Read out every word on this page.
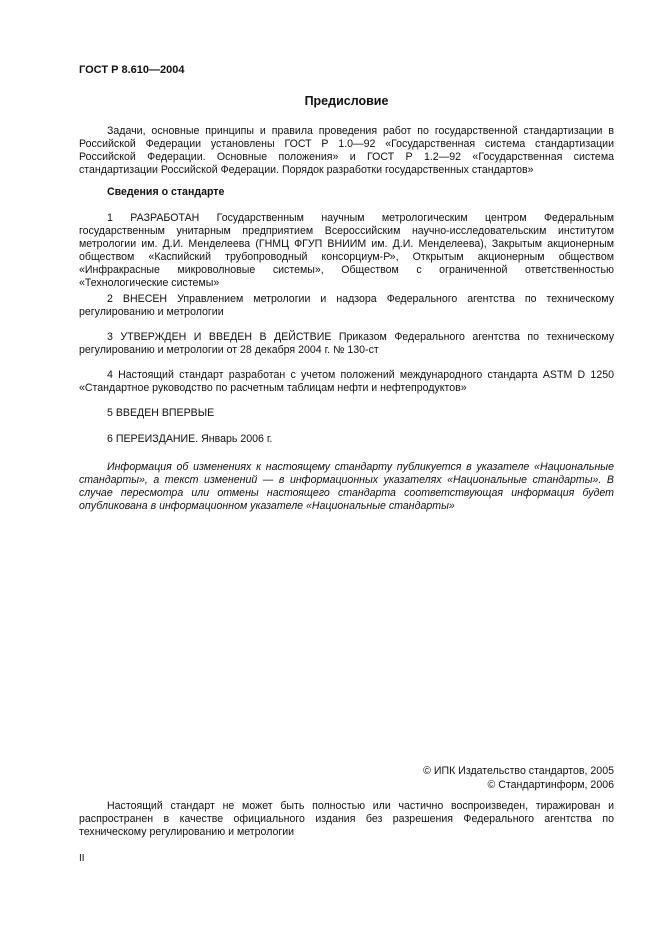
ГОСТ Р 8.610—2004
Предисловие
Задачи, основные принципы и правила проведения работ по государственной стандартизации в Российской Федерации установлены ГОСТ Р 1.0—92 «Государственная система стандартизации Российской Федерации. Основные положения» и ГОСТ Р 1.2—92 «Государственная система стандартизации Российской Федерации. Порядок разработки государственных стандартов»
Сведения о стандарте
1 РАЗРАБОТАН Государственным научным метрологическим центром Федеральным государственным унитарным предприятием Всероссийским научно-исследовательским институтом метрологии им. Д.И. Менделеева (ГНМЦ ФГУП ВНИИМ им. Д.И. Менделеева), Закрытым акционерным обществом «Каспийский трубопроводный консорциум-Р», Открытым акционерным обществом «Инфракрасные микроволновые системы», Обществом с ограниченной ответственностью «Технологические системы»
2 ВНЕСЕН Управлением метрологии и надзора Федерального агентства по техническому регулированию и метрологии
3 УТВЕРЖДЕН И ВВЕДЕН В ДЕЙСТВИЕ Приказом Федерального агентства по техническому регулированию и метрологии от 28 декабря 2004 г. № 130-ст
4 Настоящий стандарт разработан с учетом положений международного стандарта ASTM D 1250 «Стандартное руководство по расчетным таблицам нефти и нефтепродуктов»
5 ВВЕДЕН ВПЕРВЫЕ
6 ПЕРЕИЗДАНИЕ. Январь 2006 г.
Информация об изменениях к настоящему стандарту публикуется в указателе «Национальные стандарты», а текст изменений — в информационных указателях «Национальные стандарты». В случае пересмотра или отмены настоящего стандарта соответствующая информация будет опубликована в информационном указателе «Национальные стандарты»
© ИПК Издательство стандартов, 2005
© Стандартинформ, 2006
Настоящий стандарт не может быть полностью или частично воспроизведен, тиражирован и распространен в качестве официального издания без разрешения Федерального агентства по техническому регулированию и метрологии
II
